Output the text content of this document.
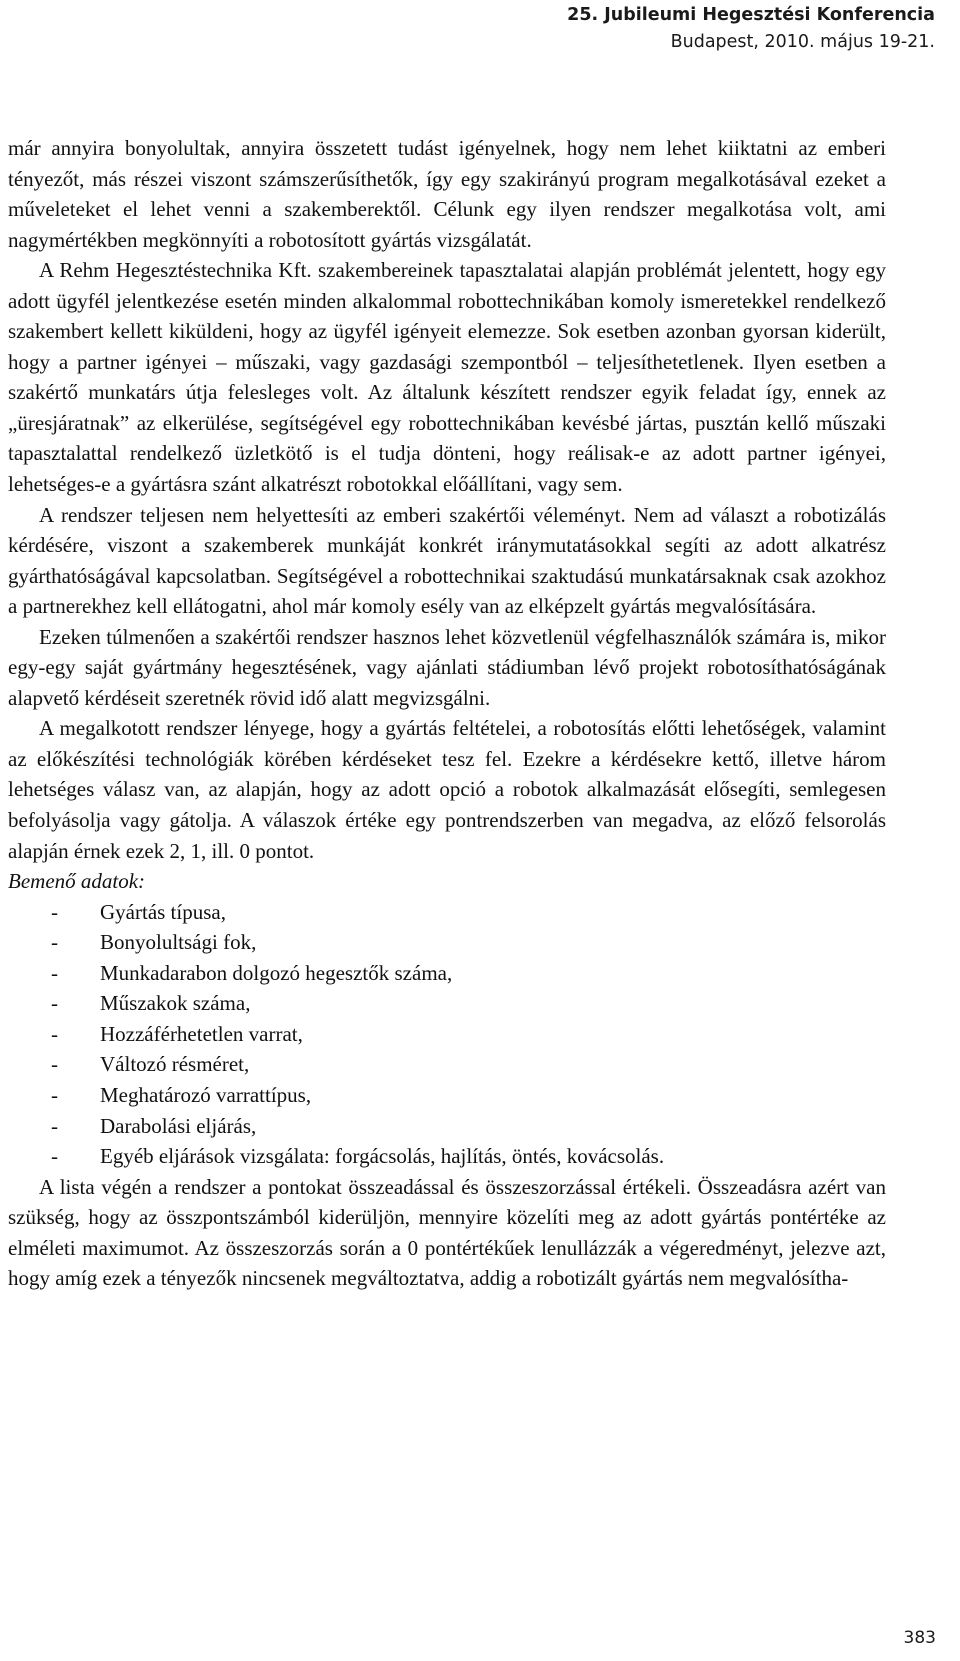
25. Jubileumi Hegesztési Konferencia
Budapest, 2010. május 19-21.

már annyira bonyolultak, annyira összetett tudást igényelnek, hogy nem lehet kiiktatni az emberi tényezőt, más részei viszont számszerűsíthetők, így egy szakirányú program megalkotásával ezeket a műveleteket el lehet venni a szakemberektől. Célunk egy ilyen rendszer megalkotása volt, ami nagymértékben megkönnyíti a robotosított gyártás vizsgálatát.

A Rehm Hegesztéstechnika Kft. szakembereinek tapasztalatai alapján problémát jelentett, hogy egy adott ügyfél jelentkezése esetén minden alkalommal robottechnikában komoly ismeretekkel rendelkező szakembert kellett kiküldeni, hogy az ügyfél igényeit elemezze. Sok esetben azonban gyorsan kiderült, hogy a partner igényei – műszaki, vagy gazdasági szempontból – teljesíthetetlenek. Ilyen esetben a szakértő munkatárs útja felesleges volt. Az általunk készített rendszer egyik feladat így, ennek az „üresjáratnak” az elkerülése, segítségével egy robottechnikában kevésbé jártas, pusztán kellő műszaki tapasztalattal rendelkező üzletkötő is el tudja dönteni, hogy reálisak-e az adott partner igényei, lehetséges-e a gyártásra szánt alkatrészt robotokkal előállítani, vagy sem.

A rendszer teljesen nem helyettesíti az emberi szakértői véleményt. Nem ad választ a robotizálás kérdésére, viszont a szakemberek munkáját konkrét iránymutatásokkal segíti az adott alkatrész gyárthatóságával kapcsolatban. Segítségével a robottechnikai szaktudású munkatársaknak csak azokhoz a partnerekhez kell ellátogatni, ahol már komoly esély van az elképzelt gyártás megvalósítására.

Ezeken túlmenően a szakértői rendszer hasznos lehet közvetlenül végfelhasználók számára is, mikor egy-egy saját gyártmány hegesztésének, vagy ajánlati stádiumban lévő projekt robotosíthatóságának alapvető kérdéseit szeretnék rövid idő alatt megvizsgálni.

A megalkotott rendszer lényege, hogy a gyártás feltételei, a robotosítás előtti lehetőségek, valamint az előkészítési technológiák körében kérdéseket tesz fel. Ezekre a kérdésekre kettő, illetve három lehetséges válasz van, az alapján, hogy az adott opció a robotok alkalmazását elősegíti, semlegesen befolyásolja vagy gátolja. A válaszok értéke egy pontrendszerben van megadva, az előző felsorolás alapján érnek ezek 2, 1, ill. 0 pontot.

Bemenő adatok:

- Gyártás típusa,
- Bonyolultsági fok,
- Munkadarabon dolgozó hegesztők száma,
- Műszakok száma,
- Hozzáférhetetlen varrat,
- Változó résméret,
- Meghatározó varrattípus,
- Darabolási eljárás,
- Egyéb eljárások vizsgálata: forgácsolás, hajlítás, öntés, kovácsolás.

A lista végén a rendszer a pontokat összeadással és összeszorzással értékeli. Összeadásra azért van szükség, hogy az összpontszámból kiderüljön, mennyire közelíti meg az adott gyártás pontértéke az elméleti maximumot. Az összeszorzás során a 0 pontértékűek lenullázzák a végeredményt, jelezve azt, hogy amíg ezek a tényezők nincsenek megváltoztatva, addig a robotizált gyártás nem megvalósítha-

383
